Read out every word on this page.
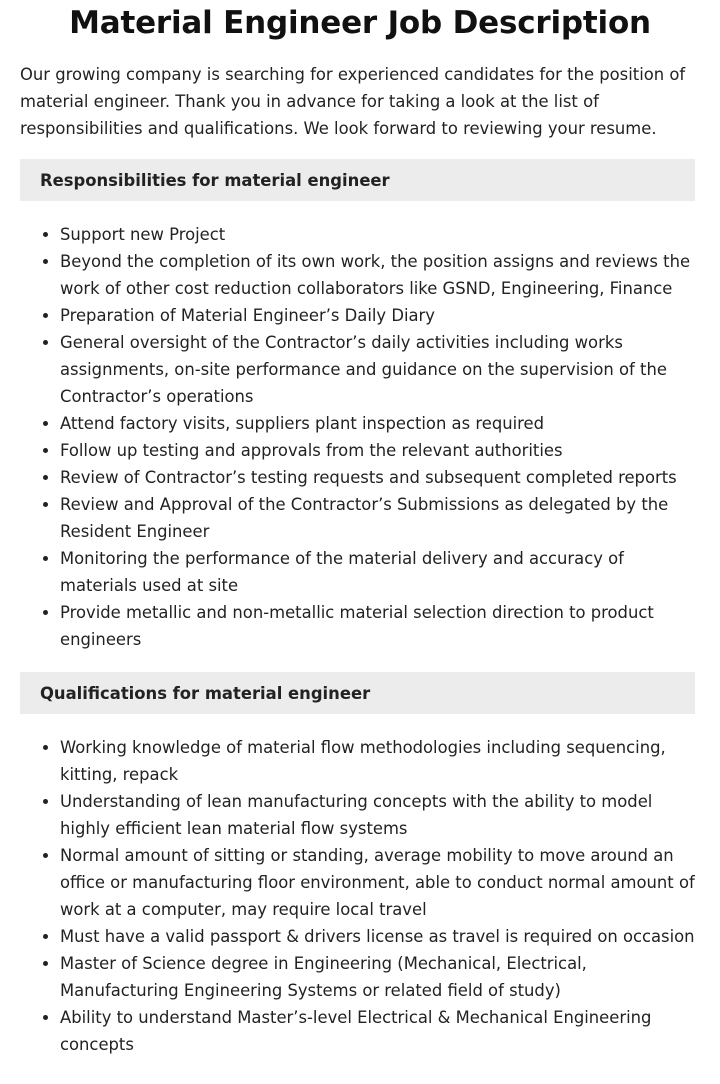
Material Engineer Job Description

Our growing company is searching for experienced candidates for the position of material engineer. Thank you in advance for taking a look at the list of responsibilities and qualifications. We look forward to reviewing your resume.

Responsibilities for material engineer
• Support new Project
• Beyond the completion of its own work, the position assigns and reviews the work of other cost reduction collaborators like GSND, Engineering, Finance
• Preparation of Material Engineer’s Daily Diary
• General oversight of the Contractor’s daily activities including works assignments, on-site performance and guidance on the supervision of the Contractor’s operations
• Attend factory visits, suppliers plant inspection as required
• Follow up testing and approvals from the relevant authorities
• Review of Contractor’s testing requests and subsequent completed reports
• Review and Approval of the Contractor’s Submissions as delegated by the Resident Engineer
• Monitoring the performance of the material delivery and accuracy of materials used at site
• Provide metallic and non-metallic material selection direction to product engineers
Qualifications for material engineer
• Working knowledge of material flow methodologies including sequencing, kitting, repack
• Understanding of lean manufacturing concepts with the ability to model highly efficient lean material flow systems
• Normal amount of sitting or standing, average mobility to move around an office or manufacturing floor environment, able to conduct normal amount of work at a computer, may require local travel
• Must have a valid passport & drivers license as travel is required on occasion
• Master of Science degree in Engineering (Mechanical, Electrical, Manufacturing Engineering Systems or related field of study)
• Ability to understand Master’s-level Electrical & Mechanical Engineering concepts
